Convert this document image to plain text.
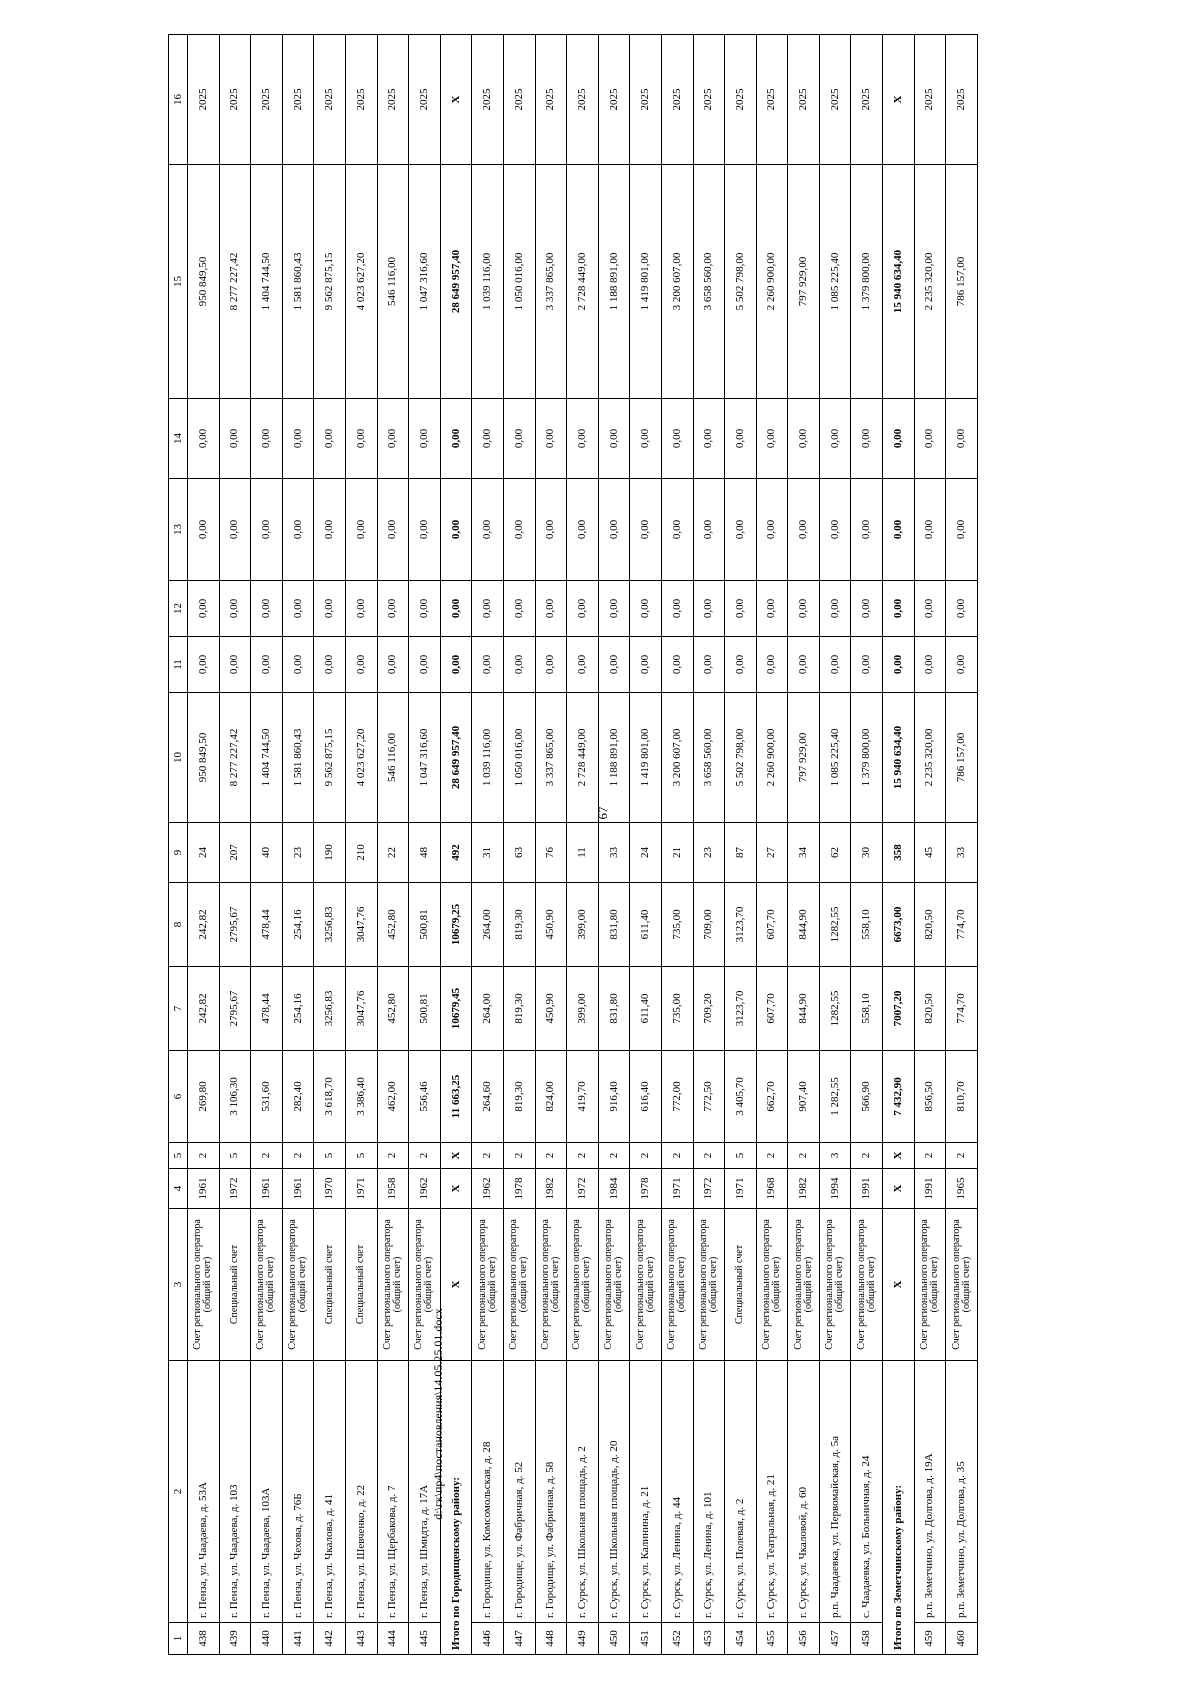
67
1	2	3	4	5	6	7	8	9	10	11	12	13	14	15	16
438	г. Пенза, ул. Чаадаева, д. 53А	Счет регионального оператора (общий счет)	1961	2	269,80	242,82	242,82	24	950 849,50	0,00	0,00	0,00	0,00	950 849,50	2025
439	г. Пенза, ул. Чаадаева, д. 103	Специальный счет	1972	5	3 106,30	2795,67	2795,67	207	8 277 227,42	0,00	0,00	0,00	0,00	8 277 227,42	2025
440	г. Пенза, ул. Чаадаева, 103А	Счет регионального оператора (общий счет)	1961	2	531,60	478,44	478,44	40	1 404 744,50	0,00	0,00	0,00	0,00	1 404 744,50	2025
441	г. Пенза, ул. Чехова, д. 76Б	Счет регионального оператора (общий счет)	1961	2	282,40	254,16	254,16	23	1 581 860,43	0,00	0,00	0,00	0,00	1 581 860,43	2025
442	г. Пенза, ул. Чкалова, д. 41	Специальный счет	1970	5	3 618,70	3256,83	3256,83	190	9 562 875,15	0,00	0,00	0,00	0,00	9 562 875,15	2025
443	г. Пенза, ул. Шевченко, д. 22	Специальный счет	1971	5	3 386,40	3047,76	3047,76	210	4 023 627,20	0,00	0,00	0,00	0,00	4 023 627,20	2025
444	г. Пенза, ул. Щербакова, д. 7	Счет регионального оператора (общий счет)	1958	2	462,00	452,80	452,80	22	546 116,00	0,00	0,00	0,00	0,00	546 116,00	2025
445	г. Пенза, ул. Шмидта, д. 17А	Счет регионального оператора (общий счет)	1962	2	556,46	500,81	500,81	48	1 047 316,60	0,00	0,00	0,00	0,00	1 047 316,60	2025
Итого по Городищенскому району:		X	X	X	11 663,25	10679,45	10679,25	492	28 649 957,40	0,00	0,00	0,00	0,00	28 649 957,40	X
446	г. Городище, ул. Комсомольская, д. 28	Счет регионального оператора (общий счет)	1962	2	264,60	264,00	264,00	31	1 039 116,00	0,00	0,00	0,00	0,00	1 039 116,00	2025
447	г. Городище, ул. Фабричная, д. 52	Счет регионального оператора (общий счет)	1978	2	819,30	819,30	819,30	63	1 050 016,00	0,00	0,00	0,00	0,00	1 050 016,00	2025
448	г. Городище, ул. Фабричная, д. 58	Счет регионального оператора (общий счет)	1982	2	824,00	450,90	450,90	76	3 337 865,00	0,00	0,00	0,00	0,00	3 337 865,00	2025
449	г. Сурск, ул. Школьная площадь, д. 2	Счет регионального оператора (общий счет)	1972	2	419,70	399,00	399,00	11	2 728 449,00	0,00	0,00	0,00	0,00	2 728 449,00	2025
450	г. Сурск, ул. Школьная площадь, д. 20	Счет регионального оператора (общий счет)	1984	2	916,40	831,80	831,80	33	1 188 891,00	0,00	0,00	0,00	0,00	1 188 891,00	2025
451	г. Сурск, ул. Калинина, д. 21	Счет регионального оператора (общий счет)	1978	2	616,40	611,40	611,40	24	1 419 801,00	0,00	0,00	0,00	0,00	1 419 801,00	2025
452	г. Сурск, ул. Ленина, д. 44	Счет регионального оператора (общий счет)	1971	2	772,00	735,00	735,00	21	3 200 607,00	0,00	0,00	0,00	0,00	3 200 607,00	2025
453	г. Сурск, ул. Ленина, д. 101	Счет регионального оператора (общий счет)	1972	2	772,50	709,20	709,00	23	3 658 560,00	0,00	0,00	0,00	0,00	3 658 560,00	2025
454	г. Сурск, ул. Полевая, д. 2	Специальный счет	1971	5	3 405,70	3123,70	3123,70	87	5 502 798,00	0,00	0,00	0,00	0,00	5 502 798,00	2025
455	г. Сурск, ул. Театральная, д. 21	Счет регионального оператора (общий счет)	1968	2	662,70	607,70	607,70	27	2 260 900,00	0,00	0,00	0,00	0,00	2 260 900,00	2025
456	г. Сурск, ул. Чкаловой, д. 60	Счет регионального оператора (общий счет)	1982	2	907,40	844,90	844,90	34	797 929,00	0,00	0,00	0,00	0,00	797 929,00	2025
457	р.п. Чаадаевка, ул. Первомайская, д. 5а	Счет регионального оператора (общий счет)	1994	3	1 282,55	1282,55	1282,55	62	1 085 225,40	0,00	0,00	0,00	0,00	1 085 225,40	2025
458	с. Чаадаевка, ул. Больничная, д. 24	Счет регионального оператора (общий счет)	1991	2	566,90	558,10	558,10	30	1 379 800,00	0,00	0,00	0,00	0,00	1 379 800,00	2025
Итого по Земетчинскому району:		X	X	X	7 432,90	7007,20	6673,00	358	15 940 634,40	0,00	0,00	0,00	0,00	15 940 634,40	X
459	р.п. Земетчино, ул. Долгова, д. 19А	Счет регионального оператора (общий счет)	1991	2	856,50	820,50	820,50	45	2 235 320,00	0,00	0,00	0,00	0,00	2 235 320,00	2025
460	р.п. Земетчино, ул. Долгова, д. 35	Счет регионального оператора (общий счет)	1965	2	810,70	774,70	774,70	33	786 157,00	0,00	0,00	0,00	0,00	786 157,00	2025
d:\гк\пр4\постановления\14.05.25.01.docx
